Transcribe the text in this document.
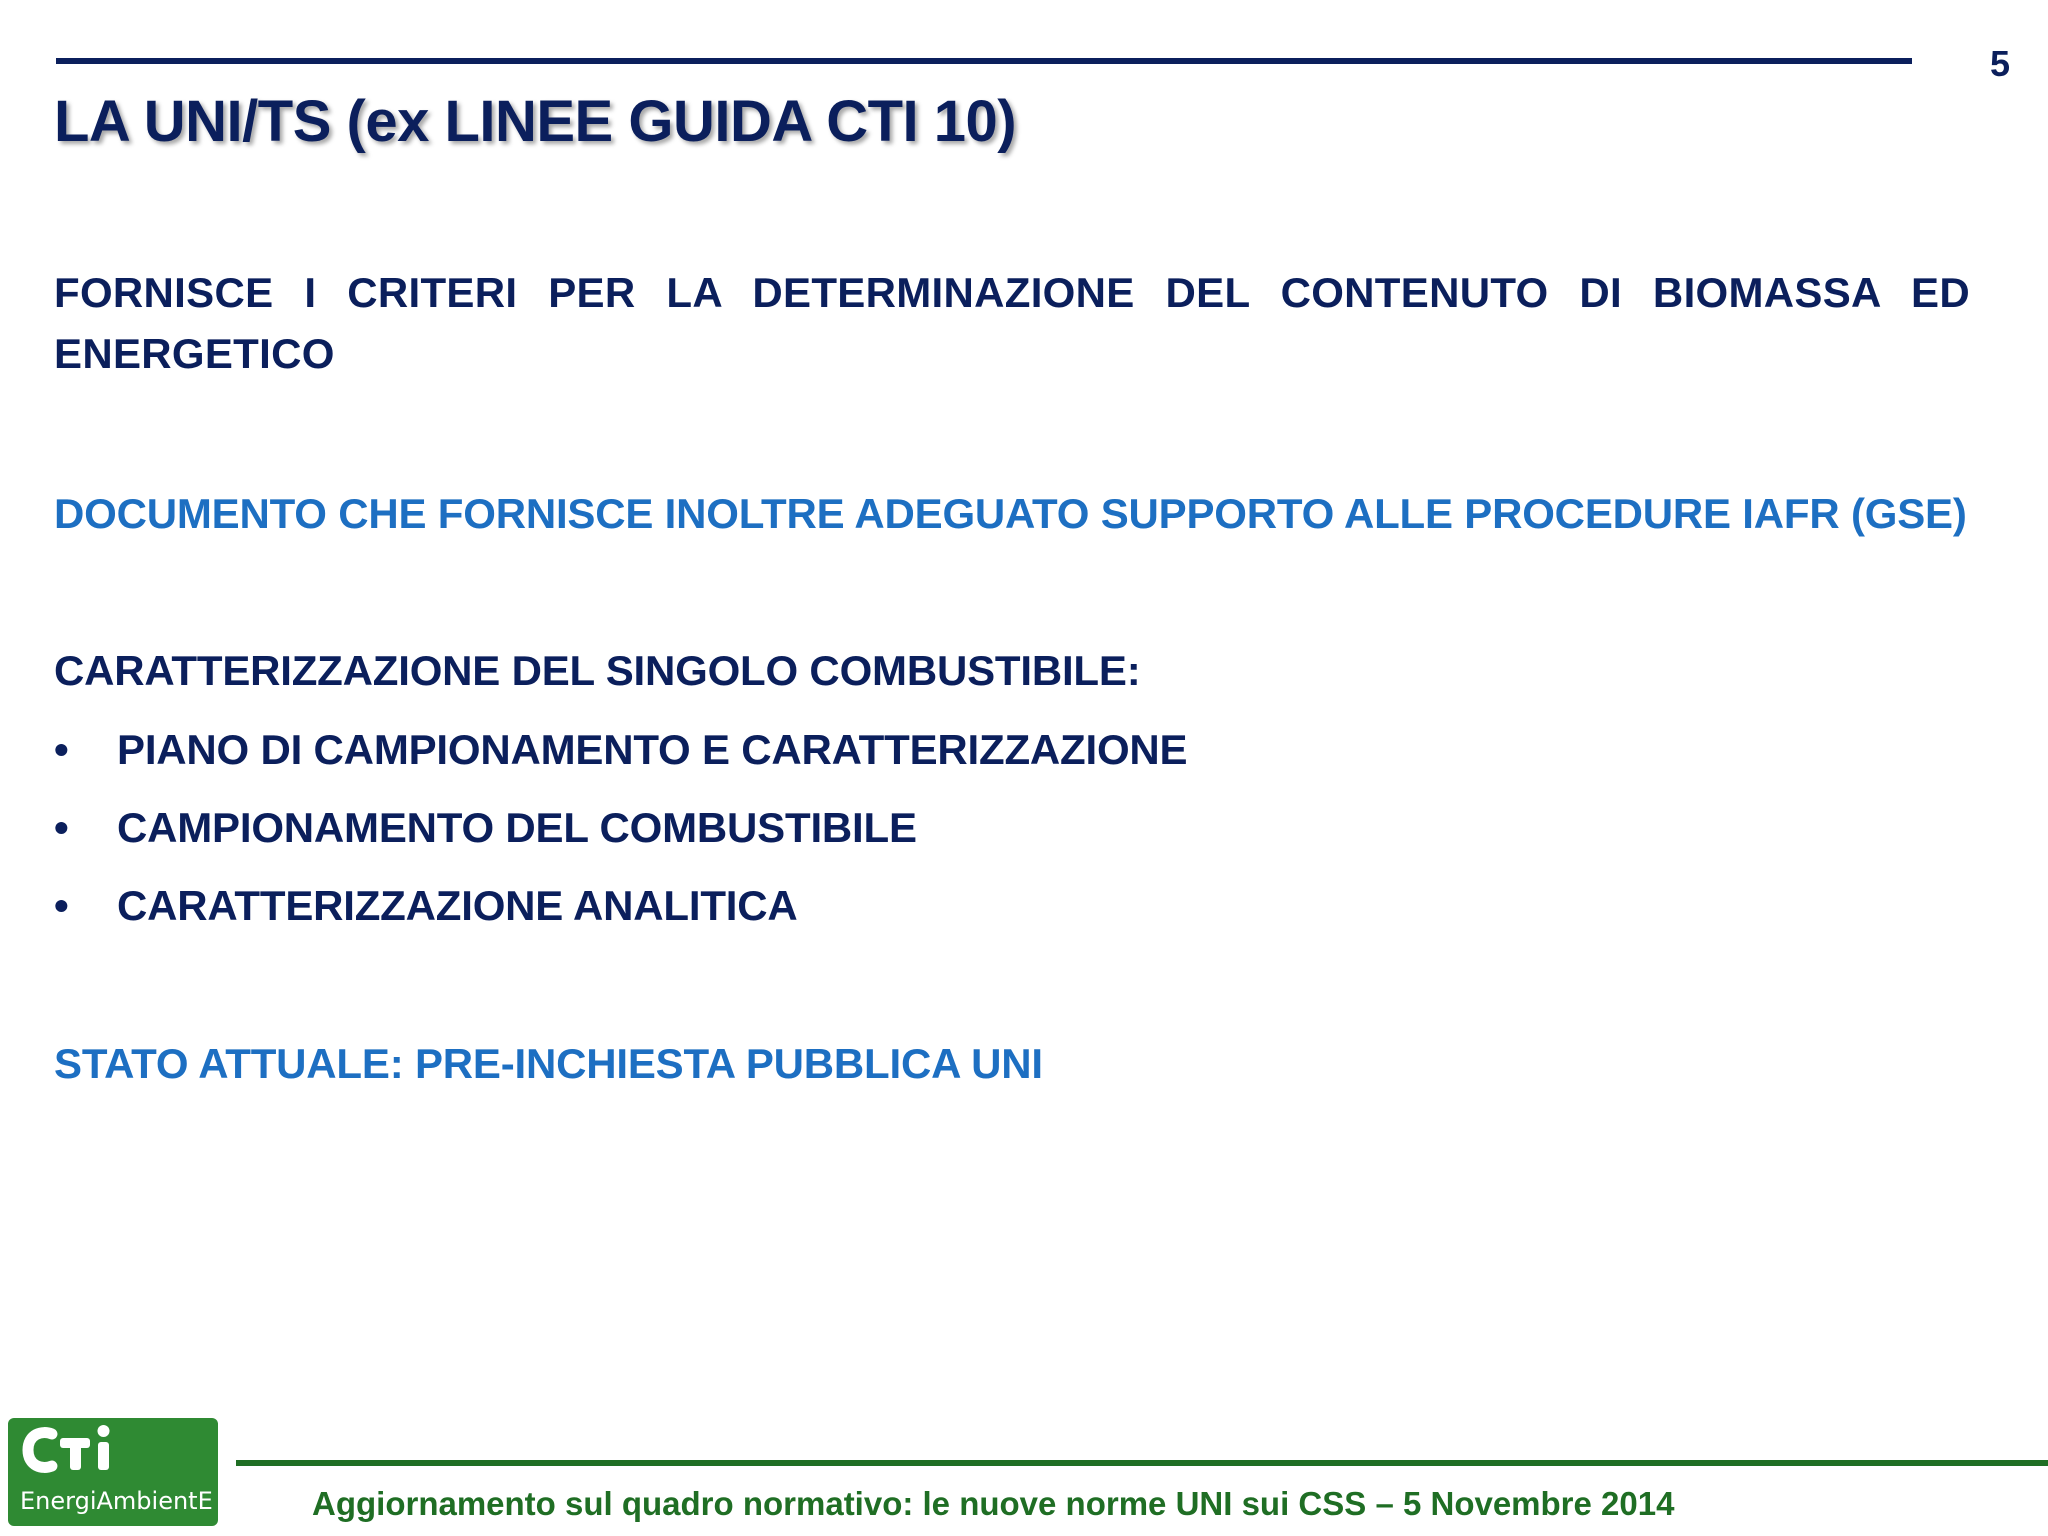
5
LA UNI/TS (ex LINEE GUIDA CTI 10)

FORNISCE I CRITERI PER LA DETERMINAZIONE DEL CONTENUTO DI BIOMASSA ED ENERGETICO

DOCUMENTO CHE FORNISCE INOLTRE ADEGUATO SUPPORTO ALLE PROCEDURE IAFR (GSE)

CARATTERIZZAZIONE DEL SINGOLO COMBUSTIBILE:

•	PIANO DI CAMPIONAMENTO E CARATTERIZZAZIONE
•	CAMPIONAMENTO DEL COMBUSTIBILE
•	CARATTERIZZAZIONE ANALITICA

STATO ATTUALE: PRE-INCHIESTA PUBBLICA UNI

EnergiAmbientE	Aggiornamento sul quadro normativo: le nuove norme UNI sui CSS – 5 Novembre 2014
